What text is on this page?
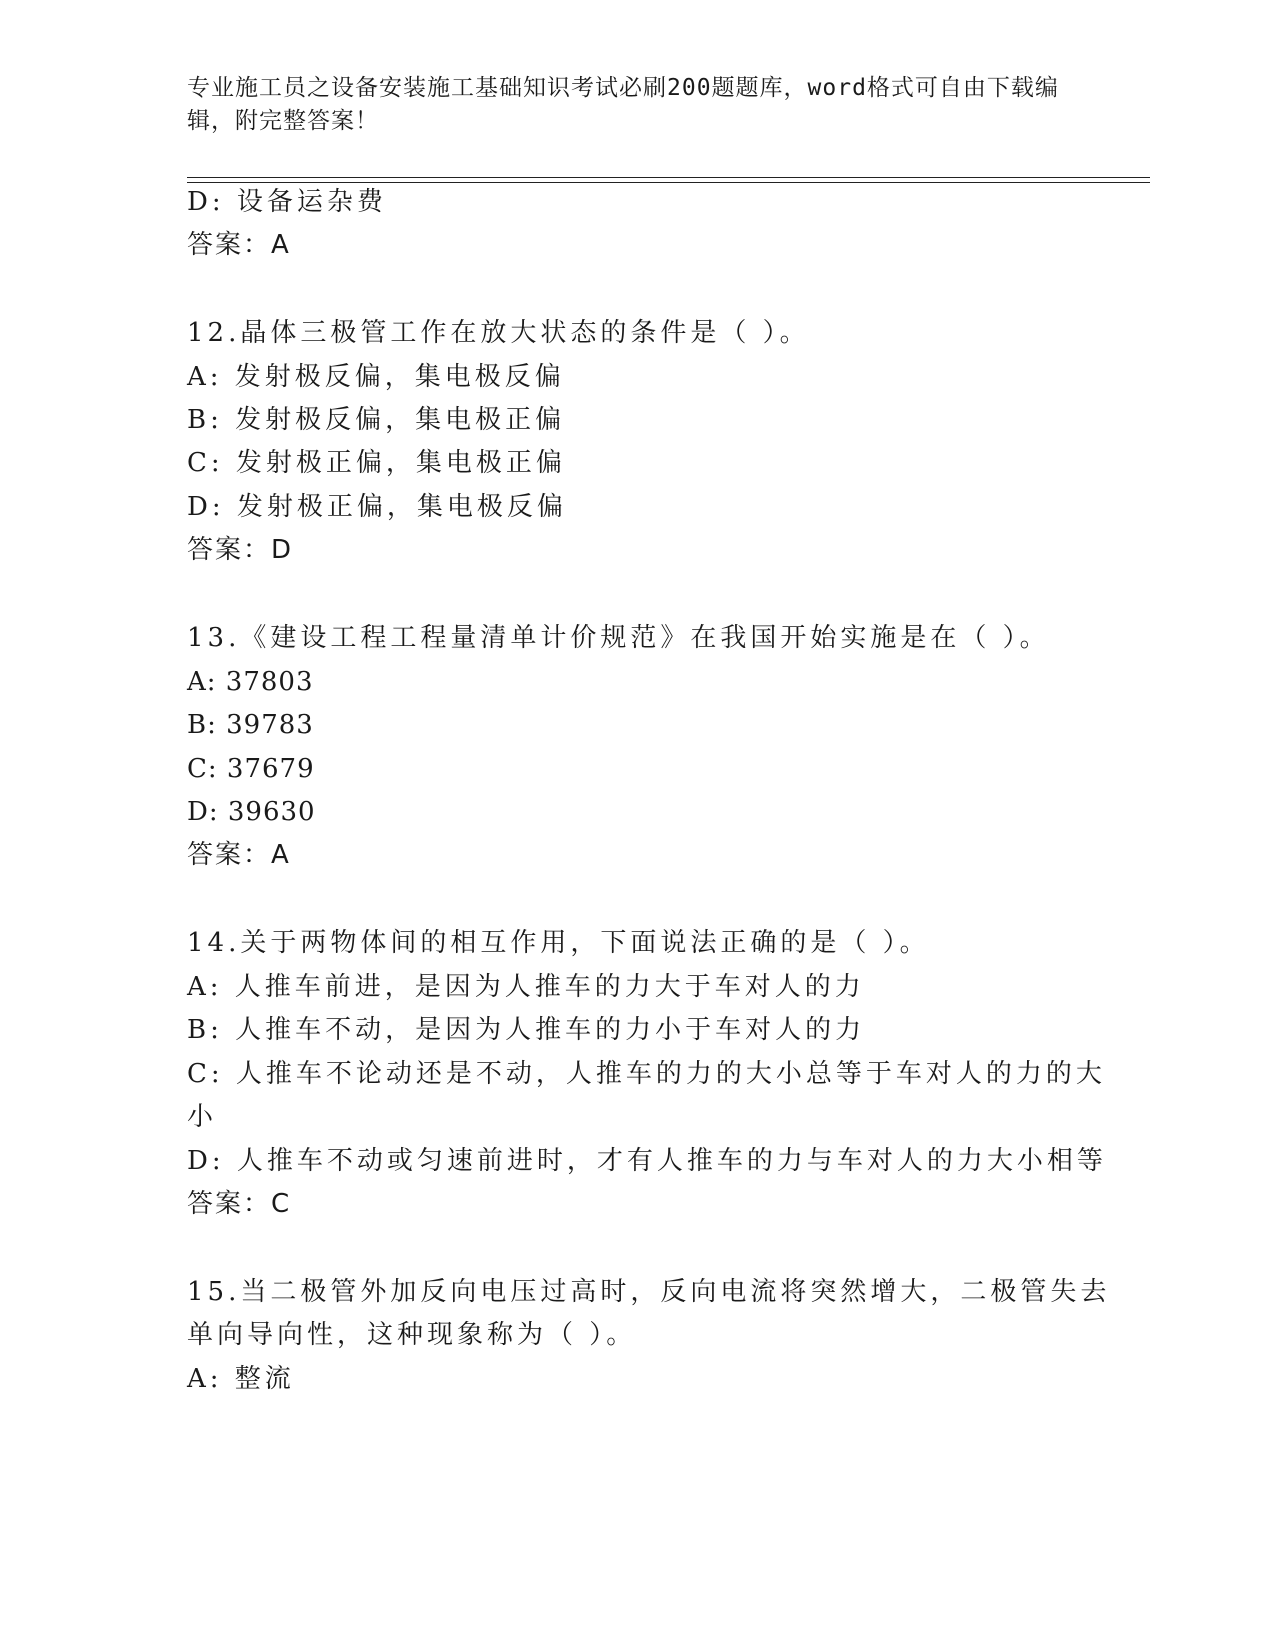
专业施工员之设备安装施工基础知识考试必刷200题题库，word格式可自由下载编辑，附完整答案！
D: 设备运杂费
答案：A
12.晶体三极管工作在放大状态的条件是（ ）。
A: 发射极反偏，集电极反偏
B: 发射极反偏，集电极正偏
C: 发射极正偏，集电极正偏
D: 发射极正偏，集电极反偏
答案：D
13.《建设工程工程量清单计价规范》在我国开始实施是在（ ）。
A: 37803
B: 39783
C: 37679
D: 39630
答案：A
14.关于两物体间的相互作用，下面说法正确的是（ ）。
A: 人推车前进，是因为人推车的力大于车对人的力
B: 人推车不动，是因为人推车的力小于车对人的力
C: 人推车不论动还是不动，人推车的力的大小总等于车对人的力的大
小
D: 人推车不动或匀速前进时，才有人推车的力与车对人的力大小相等
答案：C
15.当二极管外加反向电压过高时，反向电流将突然增大，二极管失去
单向导向性，这种现象称为（ ）。
A: 整流
